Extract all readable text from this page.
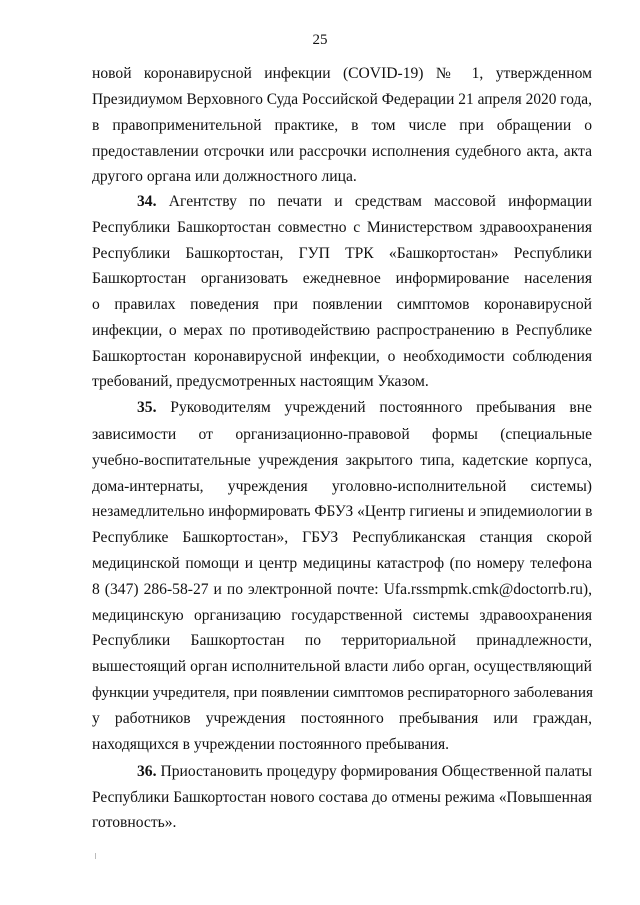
25
новой коронавирусной инфекции (COVID-19) № 1, утвержденном
Президиумом Верховного Суда Российской Федерации 21 апреля 2020 года,
в правоприменительной практике, в том числе при обращении о
предоставлении отсрочки или рассрочки исполнения судебного акта, акта
другого органа или должностного лица.
34. Агентству по печати и средствам массовой информации
Республики Башкортостан совместно с Министерством здравоохранения
Республики Башкортостан, ГУП ТРК «Башкортостан» Республики
Башкортостан организовать ежедневное информирование населения
о правилах поведения при появлении симптомов коронавирусной
инфекции, о мерах по противодействию распространению в Республике
Башкортостан коронавирусной инфекции, о необходимости соблюдения
требований, предусмотренных настоящим Указом.
35. Руководителям учреждений постоянного пребывания вне
зависимости от организационно-правовой формы (специальные
учебно-воспитательные учреждения закрытого типа, кадетские корпуса,
дома-интернаты, учреждения уголовно-исполнительной системы)
незамедлительно информировать ФБУЗ «Центр гигиены и эпидемиологии в
Республике Башкортостан», ГБУЗ Республиканская станция скорой
медицинской помощи и центр медицины катастроф (по номеру телефона
8 (347) 286-58-27 и по электронной почте: Ufa.rssmpmk.cmk@doctorrb.ru),
медицинскую организацию государственной системы здравоохранения
Республики Башкортостан по территориальной принадлежности,
вышестоящий орган исполнительной власти либо орган, осуществляющий
функции учредителя, при появлении симптомов респираторного заболевания
у работников учреждения постоянного пребывания или граждан,
находящихся в учреждении постоянного пребывания.
36. Приостановить процедуру формирования Общественной палаты
Республики Башкортостан нового состава до отмены режима «Повышенная
готовность».
